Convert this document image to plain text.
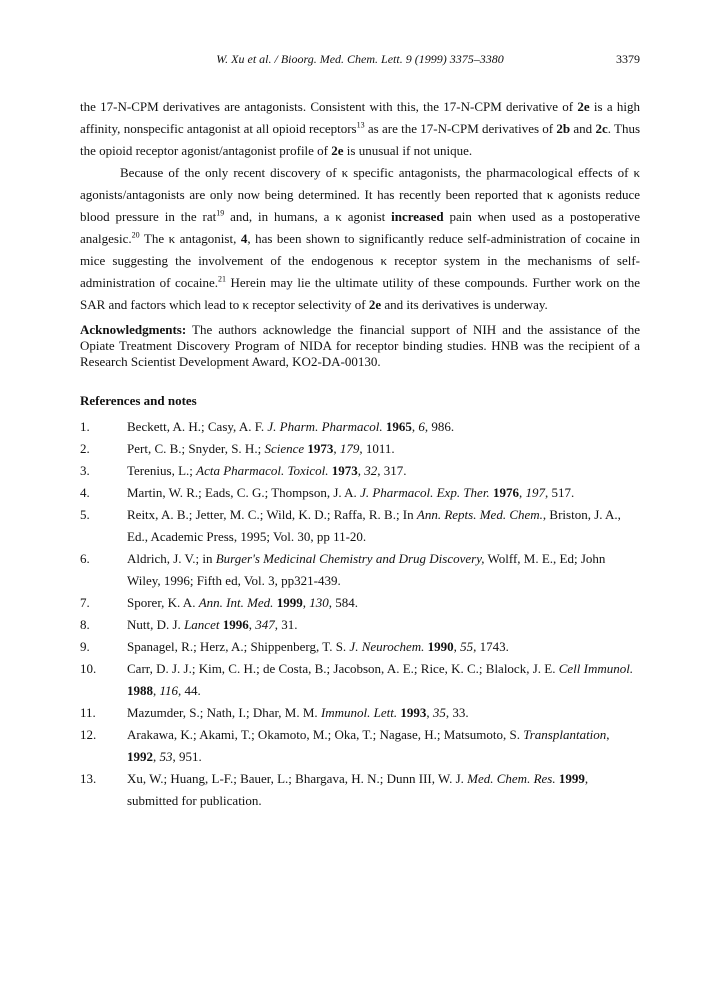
W. Xu et al. / Bioorg. Med. Chem. Lett. 9 (1999) 3375–3380	3379

the 17-N-CPM derivatives are antagonists. Consistent with this, the 17-N-CPM derivative of 2e is a high affinity, nonspecific antagonist at all opioid receptors$^{13}$ as are the 17-N-CPM derivatives of 2b and 2c. Thus the opioid receptor agonist/antagonist profile of 2e is unusual if not unique.

Because of the only recent discovery of κ specific antagonists, the pharmacological effects of κ agonists/antagonists are only now being determined. It has recently been reported that κ agonists reduce blood pressure in the rat$^{19}$ and, in humans, a κ agonist increased pain when used as a postoperative analgesic.$^{20}$ The κ antagonist, 4, has been shown to significantly reduce self-administration of cocaine in mice suggesting the involvement of the endogenous κ receptor system in the mechanisms of self-administration of cocaine.$^{21}$ Herein may lie the ultimate utility of these compounds. Further work on the SAR and factors which lead to κ receptor selectivity of 2e and its derivatives is underway.

Acknowledgments: The authors acknowledge the financial support of NIH and the assistance of the Opiate Treatment Discovery Program of NIDA for receptor binding studies. HNB was the recipient of a Research Scientist Development Award, KO2-DA-00130.

References and notes

1.	Beckett, A. H.; Casy, A. F. J. Pharm. Pharmacol. 1965, 6, 986.
2.	Pert, C. B.; Snyder, S. H.; Science 1973, 179, 1011.
3.	Terenius, L.; Acta Pharmacol. Toxicol. 1973, 32, 317.
4.	Martin, W. R.; Eads, C. G.; Thompson, J. A. J. Pharmacol. Exp. Ther. 1976, 197, 517.
5.	Reitx, A. B.; Jetter, M. C.; Wild, K. D.; Raffa, R. B.; In Ann. Repts. Med. Chem., Briston, J. A., Ed., Academic Press, 1995; Vol. 30, pp 11-20.
6.	Aldrich, J. V.; in Burger's Medicinal Chemistry and Drug Discovery, Wolff, M. E., Ed; John Wiley, 1996; Fifth ed, Vol. 3, pp321-439.
7.	Sporer, K. A. Ann. Int. Med. 1999, 130, 584.
8.	Nutt, D. J. Lancet 1996, 347, 31.
9.	Spanagel, R.; Herz, A.; Shippenberg, T. S. J. Neurochem. 1990, 55, 1743.
10.	Carr, D. J. J.; Kim, C. H.; de Costa, B.; Jacobson, A. E.; Rice, K. C.; Blalock, J. E. Cell Immunol. 1988, 116, 44.
11.	Mazumder, S.; Nath, I.; Dhar, M. M. Immunol. Lett. 1993, 35, 33.
12.	Arakawa, K.; Akami, T.; Okamoto, M.; Oka, T.; Nagase, H.; Matsumoto, S. Transplantation, 1992, 53, 951.
13.	Xu, W.; Huang, L-F.; Bauer, L.; Bhargava, H. N.; Dunn III, W. J. Med. Chem. Res. 1999, submitted for publication.
